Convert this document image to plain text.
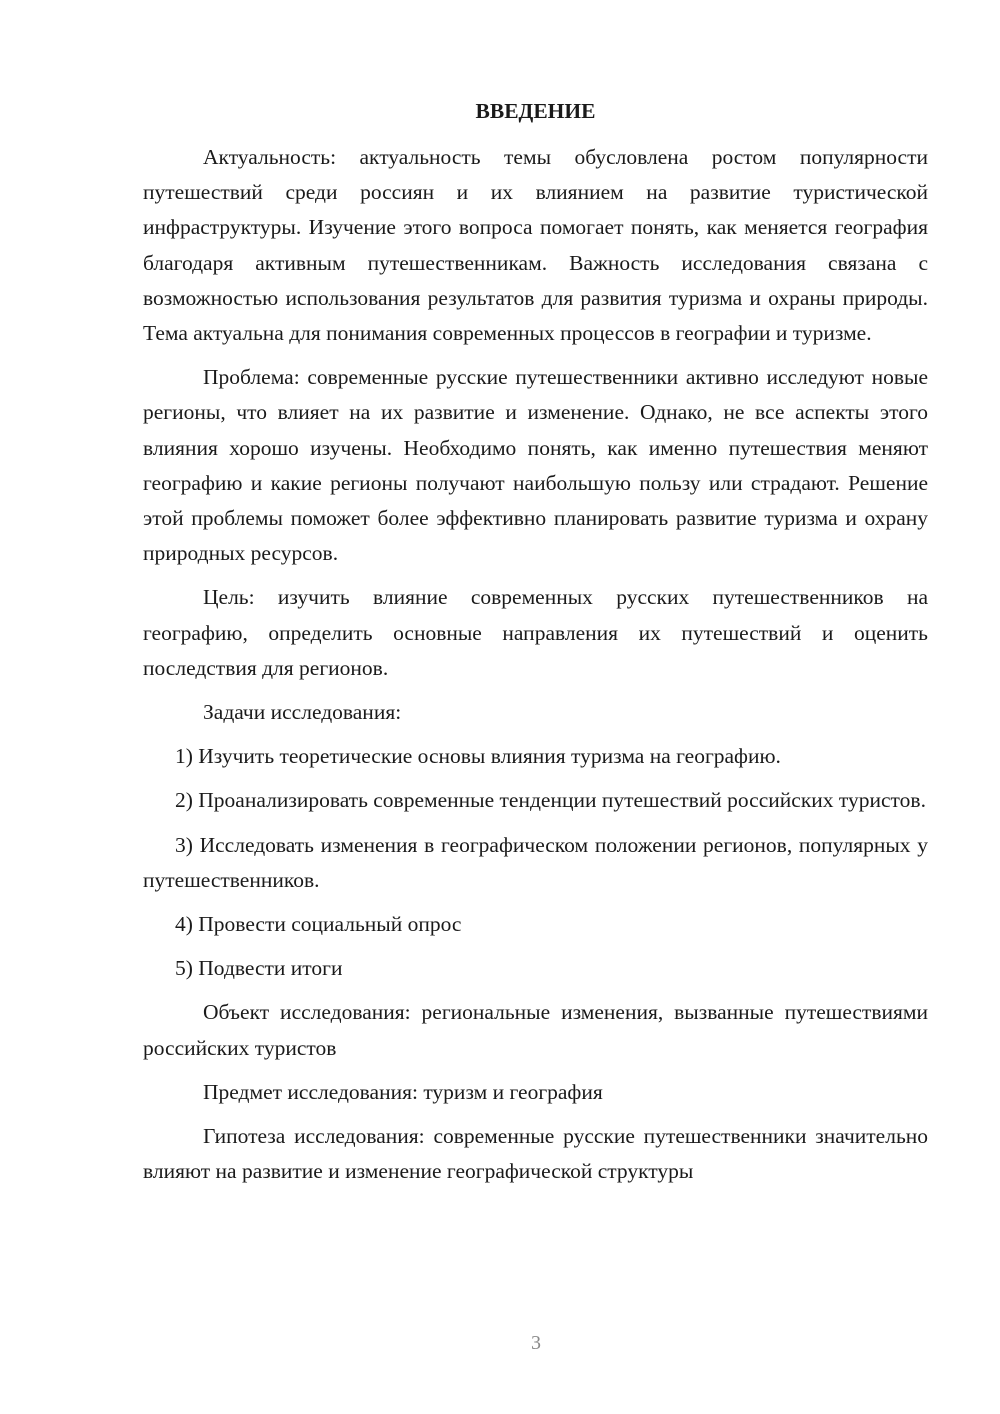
ВВЕДЕНИЕ

Актуальность: актуальность темы обусловлена ростом популярности путешествий среди россиян и их влиянием на развитие туристической инфраструктуры. Изучение этого вопроса помогает понять, как меняется география благодаря активным путешественникам. Важность исследования связана с возможностью использования результатов для развития туризма и охраны природы. Тема актуальна для понимания современных процессов в географии и туризме.

Проблема: современные русские путешественники активно исследуют новые регионы, что влияет на их развитие и изменение. Однако, не все аспекты этого влияния хорошо изучены. Необходимо понять, как именно путешествия меняют географию и какие регионы получают наибольшую пользу или страдают. Решение этой проблемы поможет более эффективно планировать развитие туризма и охрану природных ресурсов.

Цель: изучить влияние современных русских путешественников на географию, определить основные направления их путешествий и оценить последствия для регионов.

Задачи исследования:

1) Изучить теоретические основы влияния туризма на географию.

2) Проанализировать современные тенденции путешествий российских туристов.

3) Исследовать изменения в географическом положении регионов, популярных у путешественников.

4) Провести социальный опрос

5) Подвести итоги

Объект исследования: региональные изменения, вызванные путешествиями российских туристов

Предмет исследования: туризм и география

Гипотеза исследования: современные русские путешественники значительно влияют на развитие и изменение географической структуры

3
